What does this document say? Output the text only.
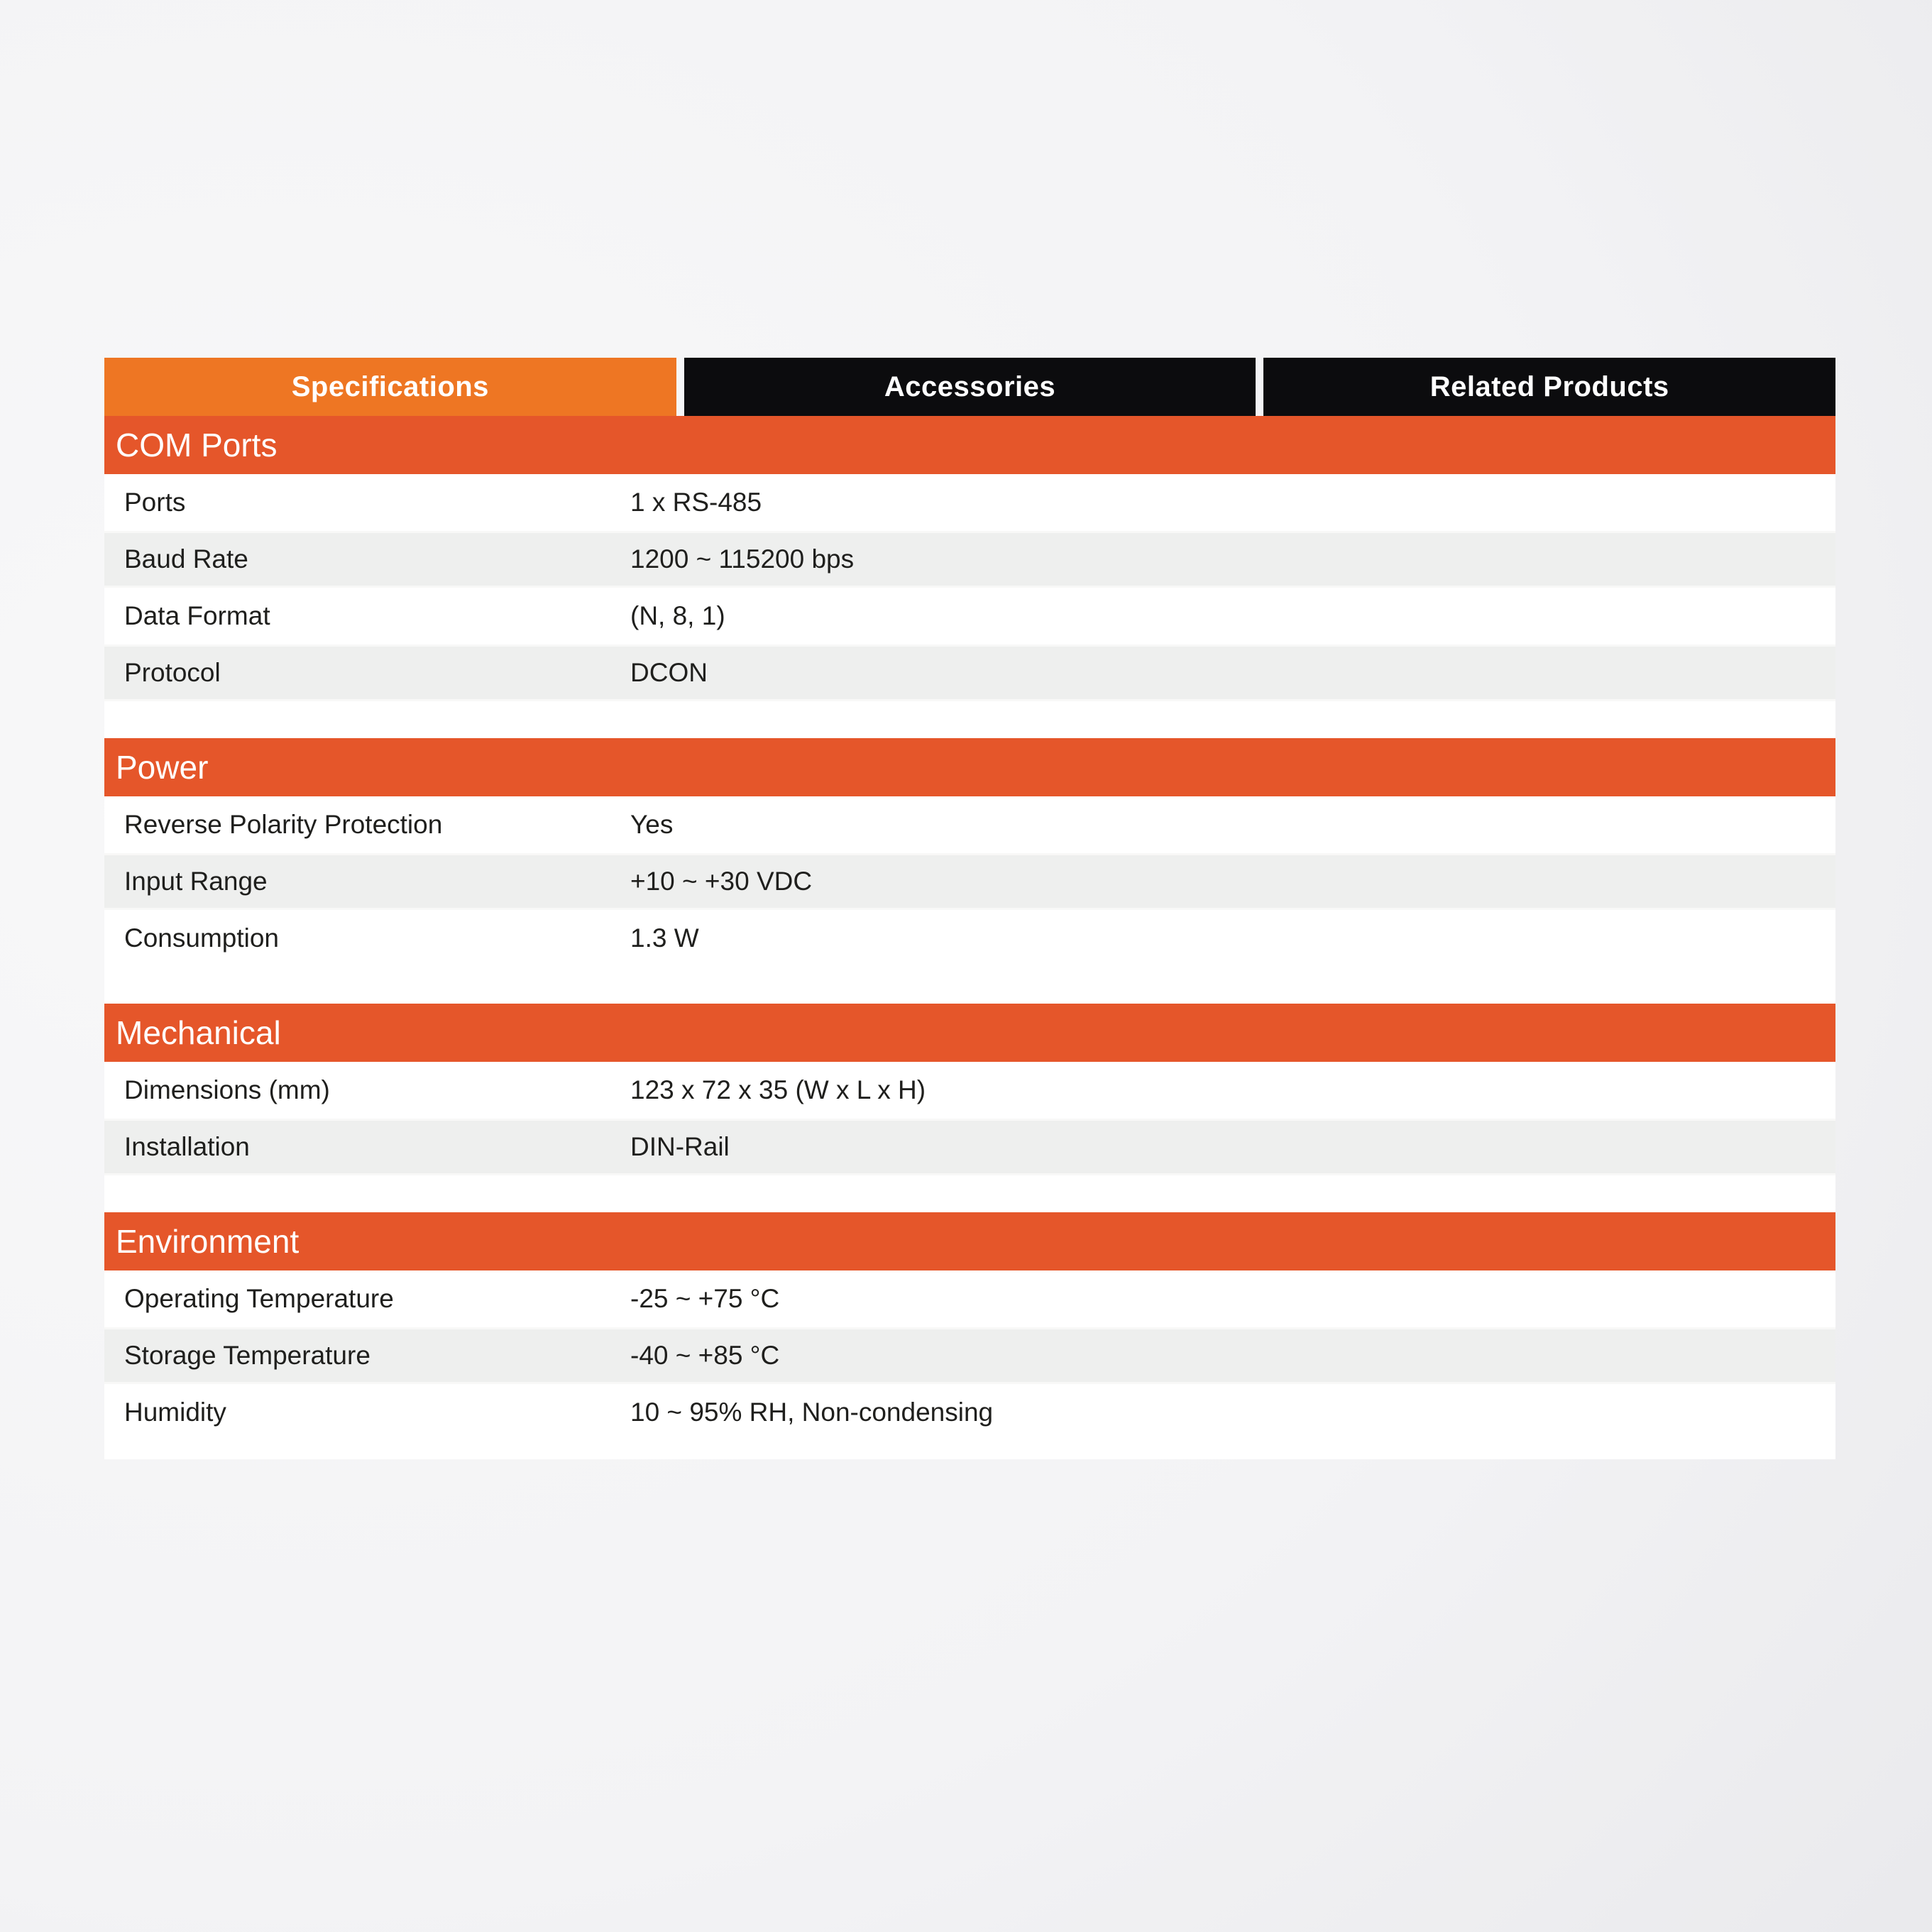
Specifications	Accessories	Related Products
COM Ports
Ports	1 x RS-485
Baud Rate	1200 ~ 115200 bps
Data Format	(N, 8, 1)
Protocol	DCON
Power
Reverse Polarity Protection	Yes
Input Range	+10 ~ +30 VDC
Consumption	1.3 W
Mechanical
Dimensions (mm)	123 x 72 x 35 (W x L x H)
Installation	DIN-Rail
Environment
Operating Temperature	-25 ~ +75 °C
Storage Temperature	-40 ~ +85 °C
Humidity	10 ~ 95% RH, Non-condensing
